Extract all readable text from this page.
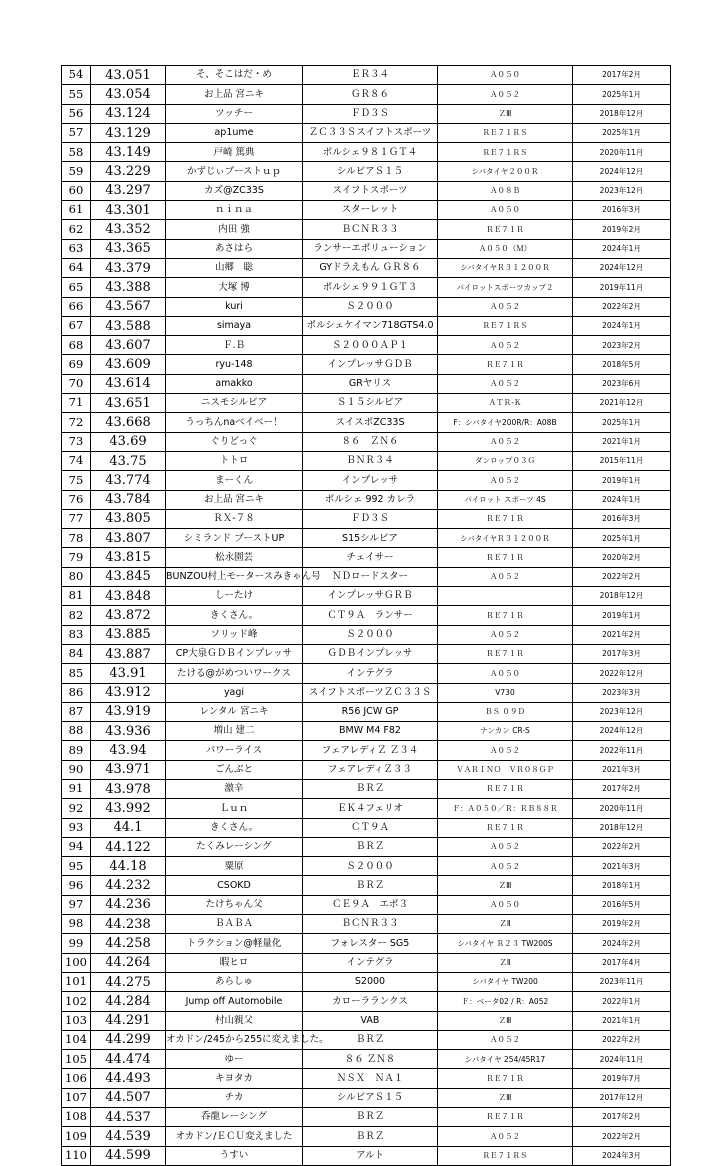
54	43.051	そ、そこはだ・め	ＥＲ３４	Ａ０５０	2017年2月
55	43.054	お上品 宮ニキ	ＧＲ８６	Ａ０５２	2025年1月
56	43.124	ツッチー	ＦＤ３Ｓ	ＺⅢ	2018年12月
57	43.129	ap1ume	ＺＣ３３Ｓスイフトスポーツ	ＲＥ７１ＲＳ	2025年1月
58	43.149	戸崎 篤典	ポルシェ９８１ＧＴ４	ＲＥ７１ＲＳ	2020年11月
59	43.229	かずじぃブーストｕｐ	シルビアＳ１５	シバタイヤ２００Ｒ	2024年12月
60	43.297	カズ@ZC33S	スイフトスポーツ	Ａ０８Ｂ	2023年12月
61	43.301	ｎｉｎａ	スターレット	Ａ０５０	2016年3月
62	43.352	内田 強	ＢＣＮＲ３３	ＲＥ７１Ｒ	2019年2月
63	43.365	あさはら	ランサーエボリューション	Ａ０５０（Ｍ）	2024年1月
64	43.379	山郷　聡	GYドラえもん ＧＲ８６	シバタイヤＲ３１２００Ｒ	2024年12月
65	43.388	大塚 博	ポルシェ９９１ＧＴ３	パイロットスポーツカップ２	2019年11月
66	43.567	kuri	Ｓ２０００	Ａ０５２	2022年2月
67	43.588	simaya	ポルシェケイマン718GTS4.0	ＲＥ７１ＲＳ	2024年1月
68	43.607	Ｆ.Ｂ	Ｓ２０００ＡＰ１	Ａ０５２	2023年2月
69	43.609	ryu-148	インプレッサＧＤＢ	ＲＥ７１Ｒ	2018年5月
70	43.614	amakko	GRヤリス	Ａ０５２	2023年6月
71	43.651	ニスモシルビア	Ｓ１５シルビア	ＡＴＲ-Ｋ	2021年12月
72	43.668	うっちんnaベイベー！	スイスポZC33S	F：シバタイヤ200R/R：A08B	2025年1月
73	43.69	ぐりどっぐ	８６　ＺＮ６	Ａ０５２	2021年1月
74	43.75	トトロ	ＢＮＲ３４	ダンロップ０３Ｇ	2015年11月
75	43.774	まーくん	インプレッサ	Ａ０５２	2019年1月
76	43.784	お上品 宮ニキ	ポルシェ 992 カレラ	パイロット スポーツ 4S	2024年1月
77	43.805	ＲＸ-７８	ＦＤ３Ｓ	ＲＥ７１Ｒ	2016年3月
78	43.807	シミランド ブーストUP	S15シルビア	シバタイヤＲ３１２００Ｒ	2025年1月
79	43.815	松永園芸	チェイサー	ＲＥ７１Ｒ	2020年2月
80	43.845	BUNZOU村上モータースみきゃん号	ＮＤロードスター	Ａ０５２	2022年2月
81	43.848	しーたけ	インプレッサＧＲＢ		2018年12月
82	43.872	きくさん。	ＣＴ９Ａ　ランサー	ＲＥ７１Ｒ	2019年1月
83	43.885	ソリッド峰	Ｓ２０００	Ａ０５２	2021年2月
84	43.887	CP大泉ＧＤＢインプレッサ	ＧＤＢインプレッサ	ＲＥ７１Ｒ	2017年3月
85	43.91	たける@がめついワークス	インテグラ	Ａ０５０	2022年12月
86	43.912	yagi	スイフトスポーツＺＣ３３Ｓ	V730	2023年3月
87	43.919	レンタル 宮ニキ	R56 JCW GP	ＢＳ ０９Ｄ	2023年12月
88	43.936	増山 建二	BMW M4 F82	ナンカン CR-S	2024年12月
89	43.94	パワーライス	フェアレディＺ Ｚ３４	Ａ０５２	2022年11月
90	43.971	ごんぶと	フェアレディＺ３３	ＶＡＲＩＮＯ　ＶＲ０８ＧＰ	2021年3月
91	43.978	激辛	ＢＲＺ	ＲＥ７１Ｒ	2017年2月
92	43.992	Ｌｕｎ	ＥＫ４フェリオ	Ｆ：Ａ０５０／Ｒ：ＲＢ８８Ｒ	2020年11月
93	44.1	きくさん。	ＣＴ９Ａ	ＲＥ７１Ｒ	2018年12月
94	44.122	たくみレーシング	ＢＲＺ	Ａ０５２	2022年2月
95	44.18	粟原	Ｓ２０００	Ａ０５２	2021年3月
96	44.232	CSOKD	ＢＲＺ	ＺⅢ	2018年1月
97	44.236	たけちゃん父	ＣＥ９Ａ　エボ３	Ａ０５０	2016年5月
98	44.238	ＢＡＢＡ	ＢＣＮＲ３３	ＺⅡ	2019年2月
99	44.258	トラクション@軽量化	フォレスター SG5	シバタイヤ Ｒ２３ TW200S	2024年2月
100	44.264	暇ヒロ	インテグラ	ＺⅡ	2017年4月
101	44.275	あらしゅ	S2000	シバタイヤ TW200	2023年11月
102	44.284	Jump off Automobile	カローラランクス	Ｆ：ベータ02 / R：A052	2022年1月
103	44.291	村山親父	VAB	ＺⅢ	2021年1月
104	44.299	オカドン/245から255に変えました。	ＢＲＺ	Ａ０５２	2022年2月
105	44.474	ゆー	８６ ＺＮ８	シバタイヤ 254/45R17	2024年11月
106	44.493	キヨタカ	ＮＳＸ　ＮＡ１	ＲＥ７１Ｒ	2019年7月
107	44.507	チカ	シルビアＳ１５	ＺⅢ	2017年12月
108	44.537	呑龍レーシング	ＢＲＺ	ＲＥ７１Ｒ	2017年2月
109	44.539	オカドン/ＥＣＵ変えました	ＢＲＺ	Ａ０５２	2022年2月
110	44.599	うすい	アルト	ＲＥ７１ＲＳ	2024年3月
